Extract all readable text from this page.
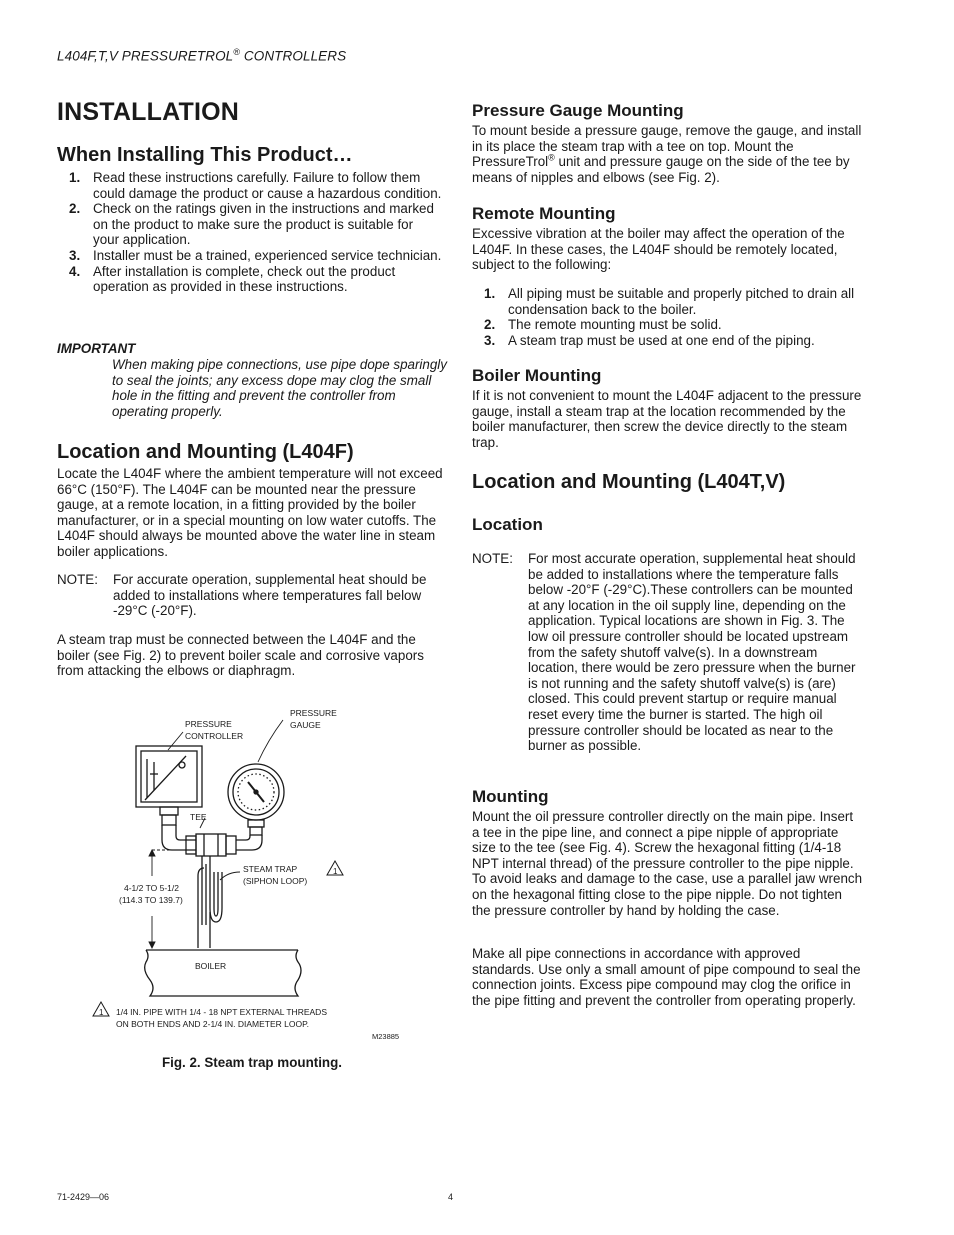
L404F,T,V PRESSURETROL® CONTROLLERS
INSTALLATION
When Installing This Product…
1. Read these instructions carefully. Failure to follow them could damage the product or cause a hazardous condition.
2. Check on the ratings given in the instructions and marked on the product to make sure the product is suitable for your application.
3. Installer must be a trained, experienced service technician.
4. After installation is complete, check out the product operation as provided in these instructions.
IMPORTANT
When making pipe connections, use pipe dope sparingly to seal the joints; any excess dope may clog the small hole in the fitting and prevent the controller from operating properly.
Location and Mounting (L404F)

Locate the L404F where the ambient temperature will not exceed 66°C (150°F). The L404F can be mounted near the pressure gauge, at a remote location, in a fitting provided by the boiler manufacturer, or in a special mounting on low water cutoffs. The L404F should always be mounted above the water line in steam boiler applications.

NOTE: For accurate operation, supplemental heat should be added to installations where temperatures fall below -29°C (-20°F).

A steam trap must be connected between the L404F and the boiler (see Fig. 2) to prevent boiler scale and corrosive vapors from attacking the elbows or diaphragm.

PRESSURE
CONTROLLER
PRESSURE
GAUGE
TEE
STEAM TRAP
(SIPHON LOOP)
4-1/2 TO 5-1/2
(114.3 TO 139.7)
BOILER
1
1 1/4 IN. PIPE WITH 1/4 - 18 NPT EXTERNAL THREADS
ON BOTH ENDS AND 2-1/4 IN. DIAMETER LOOP.
M23885
Fig. 2. Steam trap mounting.
Pressure Gauge Mounting

To mount beside a pressure gauge, remove the gauge, and install in its place the steam trap with a tee on top. Mount the PressureTrol® unit and pressure gauge on the side of the tee by means of nipples and elbows (see Fig. 2).

Remote Mounting

Excessive vibration at the boiler may affect the operation of the L404F. In these cases, the L404F should be remotely located, subject to the following:

1. All piping must be suitable and properly pitched to drain all condensation back to the boiler.
2. The remote mounting must be solid.
3. A steam trap must be used at one end of the piping.
Boiler Mounting

If it is not convenient to mount the L404F adjacent to the pressure gauge, install a steam trap at the location recommended by the boiler manufacturer, then screw the device directly to the steam trap.

Location and Mounting (L404T,V)
Location
NOTE: For most accurate operation, supplemental heat should be added to installations where the temperature falls below -20°F (-29°C).These controllers can be mounted at any location in the oil supply line, depending on the application. Typical locations are shown in Fig. 3. The low oil pressure controller should be located upstream from the safety shutoff valve(s). In a downstream location, there would be zero pressure when the burner is not running and the safety shutoff valve(s) is (are) closed. This could prevent startup or require manual reset every time the burner is started. The high oil pressure controller should be located as near to the burner as possible.
Mounting

Mount the oil pressure controller directly on the main pipe. Insert a tee in the pipe line, and connect a pipe nipple of appropriate size to the tee (see Fig. 4). Screw the hexagonal fitting (1/4-18 NPT internal thread) of the pressure controller to the pipe nipple. To avoid leaks and damage to the case, use a parallel jaw wrench on the hexagonal fitting close to the pipe nipple. Do not tighten the pressure controller by hand by holding the case.

Make all pipe connections in accordance with approved standards. Use only a small amount of pipe compound to seal the connection joints. Excess pipe compound may clog the orifice in the pipe fitting and prevent the controller from operating properly.

71-2429—06	4
